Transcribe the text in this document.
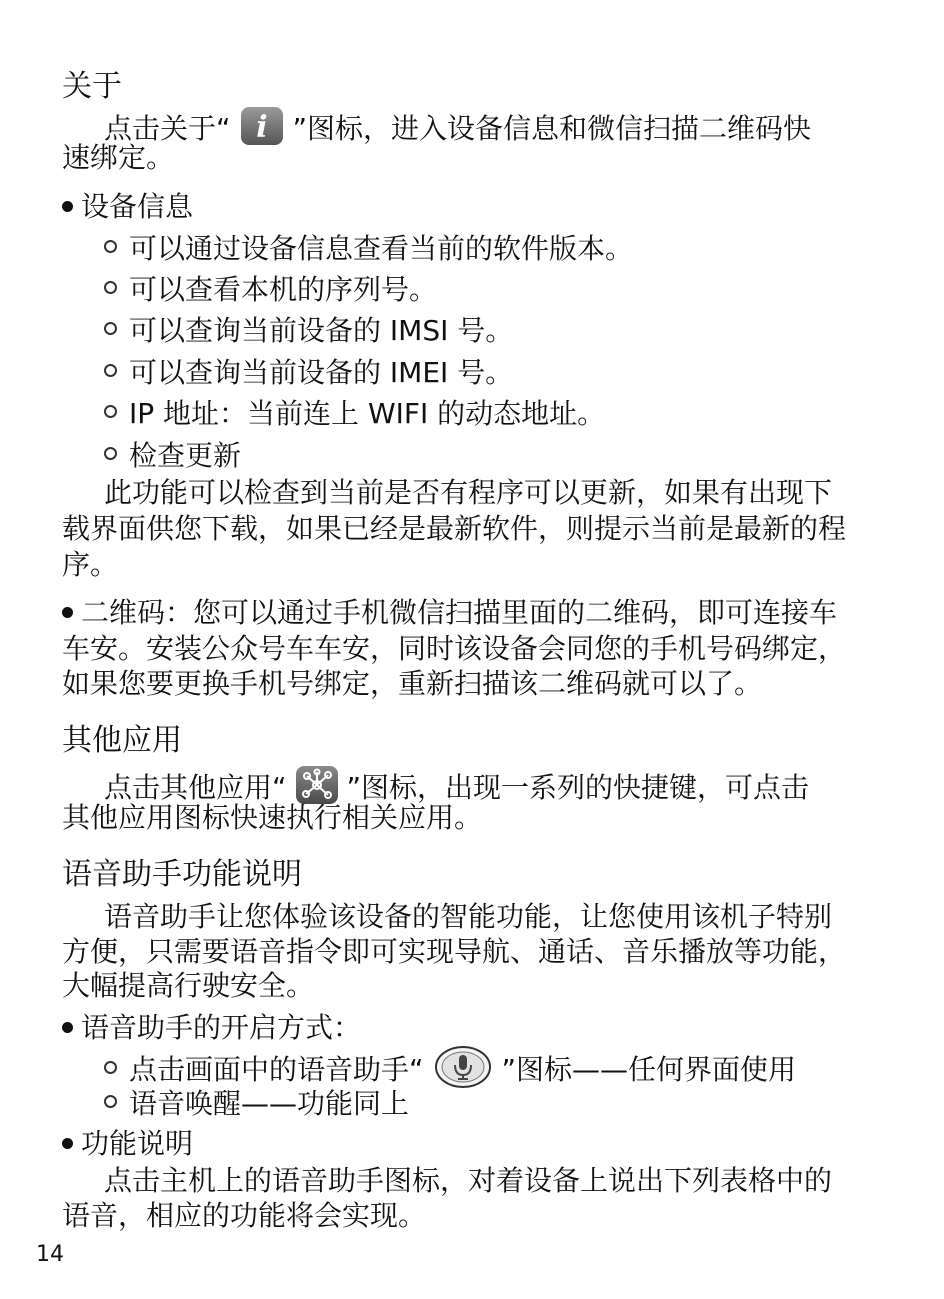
关于
点击关于“ i ”图标，进入设备信息和微信扫描二维码快
速绑定。
设备信息
可以通过设备信息查看当前的软件版本。
可以查看本机的序列号。
可以查询当前设备的 IMSI 号。
可以查询当前设备的 IMEI 号。
IP 地址：当前连上 WIFI 的动态地址。
检查更新
此功能可以检查到当前是否有程序可以更新，如果有出现下
载界面供您下载，如果已经是最新软件，则提示当前是最新的程
序。
二维码：您可以通过手机微信扫描里面的二维码，即可连接车
车安。安装公众号车车安，同时该设备会同您的手机号码绑定，
如果您要更换手机号绑定，重新扫描该二维码就可以了。
其他应用
点击其他应用“ ”图标，出现一系列的快捷键，可点击
其他应用图标快速执行相关应用。
语音助手功能说明
语音助手让您体验该设备的智能功能，让您使用该机子特别
方便，只需要语音指令即可实现导航、通话、音乐播放等功能，
大幅提高行驶安全。
语音助手的开启方式：
点击画面中的语音助手“	”图标——任何界面使用
语音唤醒——功能同上
功能说明
点击主机上的语音助手图标，对着设备上说出下列表格中的
语音，相应的功能将会实现。
14
